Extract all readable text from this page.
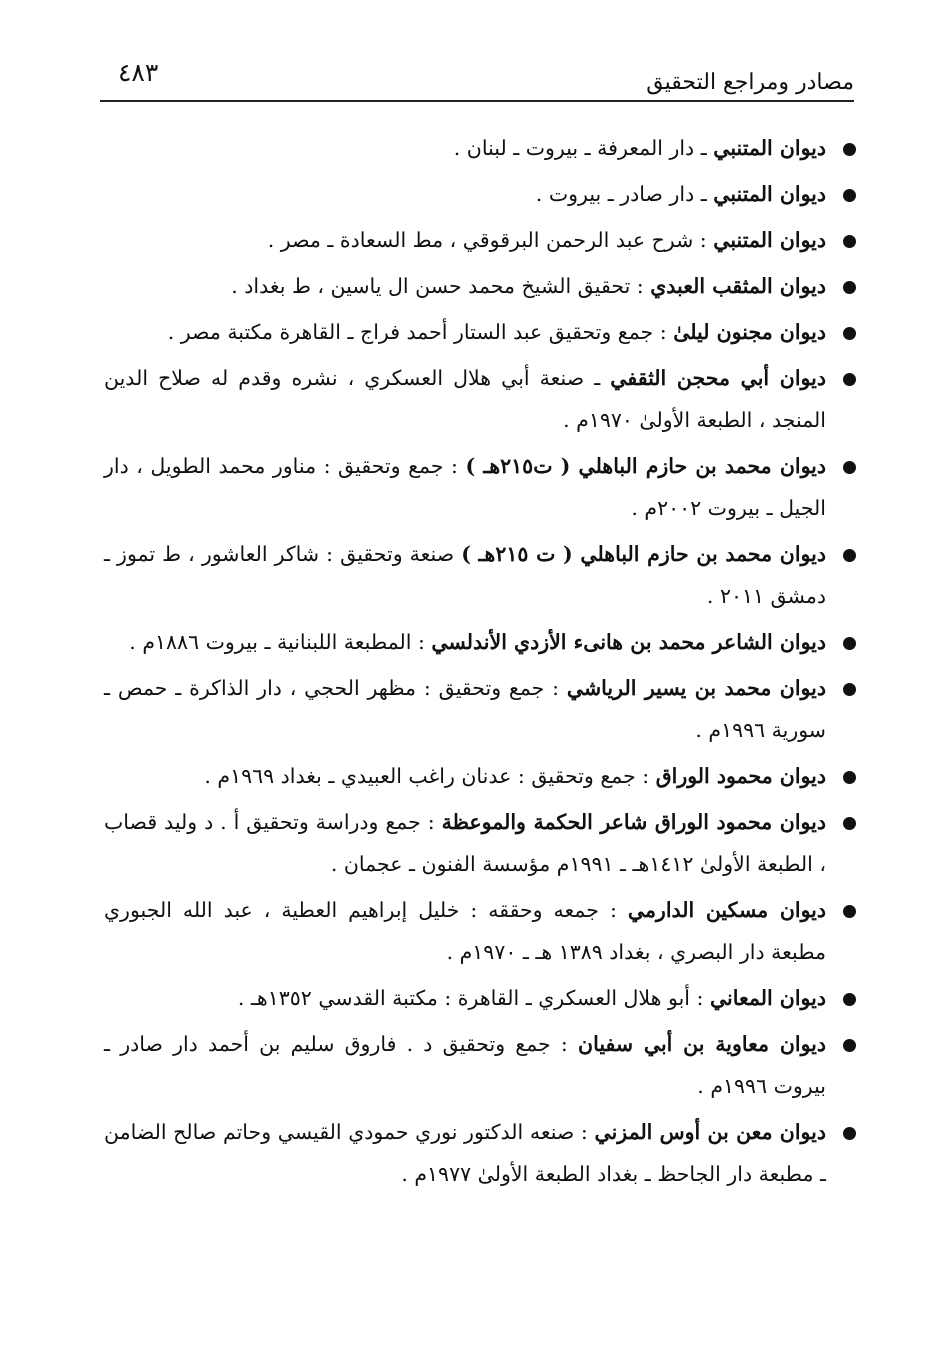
مصادر ومراجع التحقيق
٤٨٣
ديوان المتنبي ـ دار المعرفة ـ بيروت ـ لبنان .
ديوان المتنبي ـ دار صادر ـ بيروت .
ديوان المتنبي : شرح عبد الرحمن البرقوقي ، مط السعادة ـ مصر .
ديوان المثقب العبدي : تحقيق الشيخ محمد حسن ال ياسين ، ط بغداد .
ديوان مجنون ليلىٰ : جمع وتحقيق عبد الستار أحمد فراج ـ القاهرة مكتبة مصر .
ديوان أبي محجن الثقفي ـ صنعة أبي هلال العسكري ، نشره وقدم له صلاح الدين المنجد ، الطبعة الأولىٰ ١٩٧٠م .
ديوان محمد بن حازم الباهلي ( ت٢١٥هـ ) : جمع وتحقيق : مناور محمد الطويل ، دار الجيل ـ بيروت ٢٠٠٢م .
ديوان محمد بن حازم الباهلي ( ت ٢١٥هـ ) صنعة وتحقيق : شاكر العاشور ، ط تموز ـ دمشق ٢٠١١ .
ديوان الشاعر محمد بن هانىء الأزدي الأندلسي : المطبعة اللبنانية ـ بيروت ١٨٨٦م .
ديوان محمد بن يسير الرياشي : جمع وتحقيق : مظهر الحجي ، دار الذاكرة ـ حمص ـ سورية ١٩٩٦م .
ديوان محمود الوراق : جمع وتحقيق : عدنان راغب العبيدي ـ بغداد ١٩٦٩م .
ديوان محمود الوراق شاعر الحكمة والموعظة : جمع ودراسة وتحقيق أ . د وليد قصاب ، الطبعة الأولىٰ ١٤١٢هـ ـ ١٩٩١م مؤسسة الفنون ـ عجمان .
ديوان مسكين الدارمي : جمعه وحققه : خليل إبراهيم العطية ، عبد الله الجبوري مطبعة دار البصري ، بغداد ١٣٨٩ هـ ـ ١٩٧٠م .
ديوان المعاني : أبو هلال العسكري ـ القاهرة : مكتبة القدسي ١٣٥٢هـ .
ديوان معاوية بن أبي سفيان : جمع وتحقيق د . فاروق سليم بن أحمد دار صادر ـ بيروت ١٩٩٦م .
ديوان معن بن أوس المزني : صنعه الدكتور نوري حمودي القيسي وحاتم صالح الضامن ـ مطبعة دار الجاحظ ـ بغداد الطبعة الأولىٰ ١٩٧٧م .
